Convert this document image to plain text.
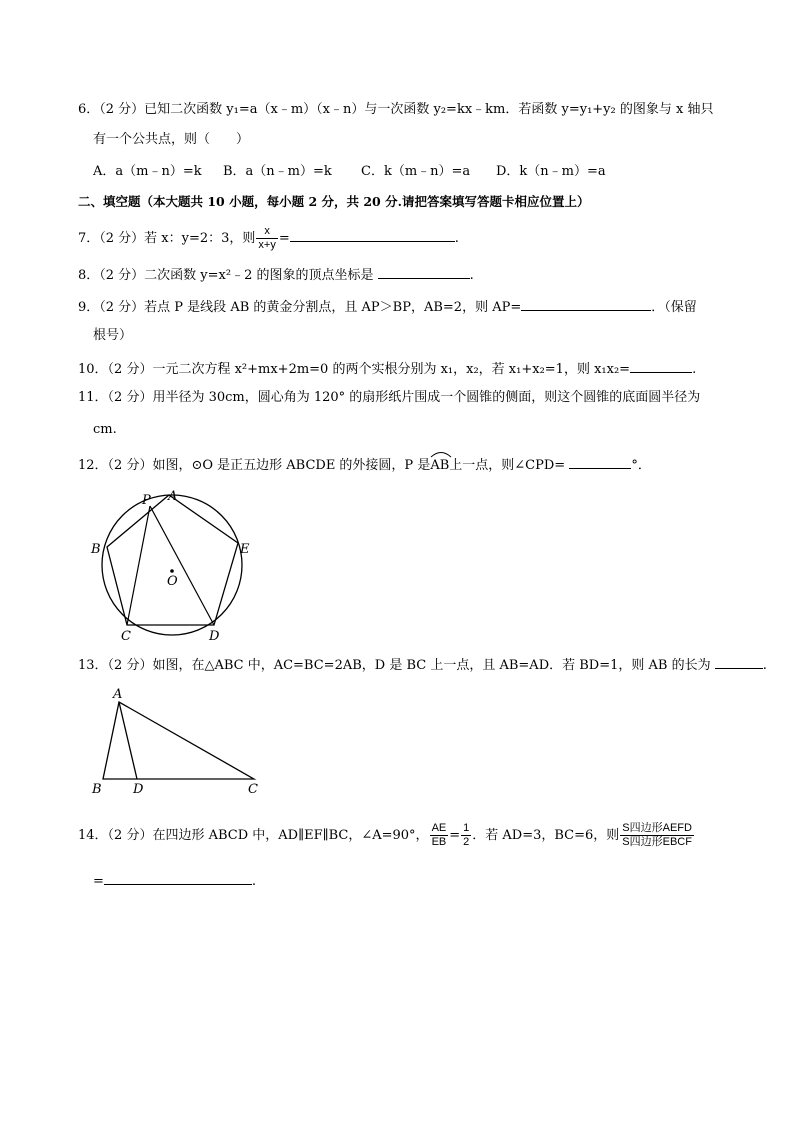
6．（2 分）已知二次函数 y₁=a（x﹣m）（x﹣n）与一次函数 y₂=kx﹣km．若函数 y=y₁+y₂ 的图象与 x 轴只
有一个公共点，则（　　）
A．a（m﹣n）=k B．a（n﹣m）=k C．k（m﹣n）=a D．k（n﹣m）=a
二、填空题（本大题共 10 小题，每小题 2 分，共 20 分.请把答案填写答题卡相应位置上）
7．（2 分）若 x：y=2：3，则 $\frac{x}{x+y}$ =	.
8．（2 分）二次函数 y=x²﹣2 的图象的顶点坐标是	.
9．（2 分）若点 P 是线段 AB 的黄金分割点，且 AP＞BP，AB=2，则 AP=	．（保留
根号）
10．（2 分）一元二次方程 x²+mx+2m=0 的两个实根分别为 x₁，x₂，若 x₁+x₂=1，则 x₁x₂=	.
11．（2 分）用半径为 30cm，圆心角为 120° 的扇形纸片围成一个圆锥的侧面，则这个圆锥的底面圆半径为
cm.
12．（2 分）如图，⊙O 是正五边形 ABCDE 的外接圆，P 是
AB上一点，则∠CPD=	°．
P A
B	E
O
C	D
13．（2 分）如图，在△ABC 中，AC=BC=2AB，D 是 BC 上一点，且 AB=AD．若 BD=1，则 AB 的长为	.
A
B D	C
14．（2 分）在四边形 ABCD 中，AD∥EF∥BC，∠A=90°， $\frac{AE}{EB} = \frac{1}{2}$ ．若 AD=3，BC=6，则 $\frac{\text{S四边形AEFD}}{\text{S四边形EBCF}}$
=	.
